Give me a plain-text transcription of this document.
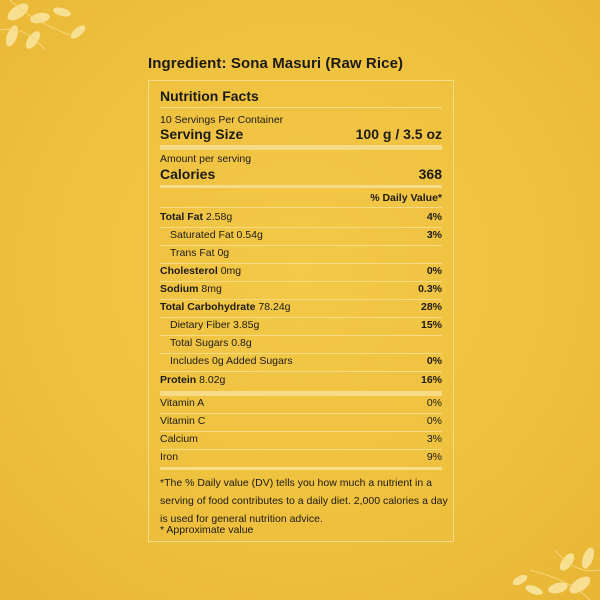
Ingredient: Sona Masuri (Raw Rice)
Nutrition Facts
10 Servings Per Container
Serving Size	100 g / 3.5 oz
Amount per serving
Calories	368
% Daily Value*
Total Fat 2.58g	4%
Saturated Fat 0.54g	3%
Trans Fat 0g
Cholesterol 0mg	0%
Sodium 8mg	0.3%
Total Carbohydrate 78.24g	28%
Dietary Fiber 3.85g	15%
Total Sugars 0.8g
Includes 0g Added Sugars	0%
Protein 8.02g	16%
Vitamin A	0%
Vitamin C	0%
Calcium	3%
Iron	9%
*The % Daily value (DV) tells you how much a nutrient in a serving of food contributes to a daily diet. 2,000 calories a day is used for general nutrition advice.
* Approximate value
